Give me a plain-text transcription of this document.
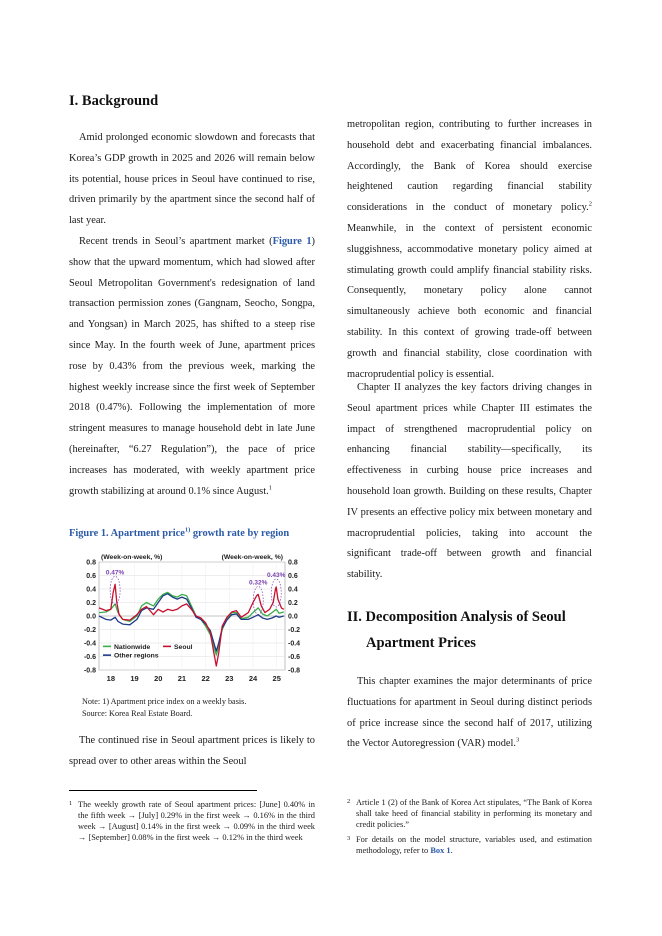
I. Background

Amid prolonged economic slowdown and forecasts that Korea’s GDP growth in 2025 and 2026 will remain below its potential, house prices in Seoul have continued to rise, driven primarily by the apartment since the second half of last year.

Recent trends in Seoul’s apartment market (Figure 1) show that the upward momentum, which had slowed after Seoul Metropolitan Government's redesignation of land transaction permission zones (Gangnam, Seocho, Songpa, and Yongsan) in March 2025, has shifted to a steep rise since May. In the fourth week of June, apartment prices rose by 0.43% from the previous week, marking the highest weekly increase since the first week of September 2018 (0.47%). Following the implementation of more stringent measures to manage household debt in late June (hereinafter, “6.27 Regulation”), the pace of price increases has moderated, with weekly apartment price growth stabilizing at around 0.1% since August.$^1$

Figure 1. Apartment price$^{1)}$ growth rate by region

0.8	0.8
0.6	0.6
0.4	0.4
0.2	0.2
0.0	0.0
-0.2	-0.2
-0.4	-0.4
-0.6	-0.6
-0.8	-0.8
18 19 20 21 22 23 24 25
(Week-on-week, %)	(Week-on-week, %)
0.47%
0.32%
0.43%
Nationwide	Seoul
Other regions

Note: 1) Apartment price index on a weekly basis.

Source: Korea Real Estate Board.

The continued rise in Seoul apartment prices is likely to spread over to other areas within the Seoul

1 The weekly growth rate of Seoul apartment prices: [June] 0.40% in the fifth week → [July] 0.29% in the first week → 0.16% in the third week → [August] 0.14% in the first week → 0.09% in the third week → [September] 0.08% in the first week → 0.12% in the third week

metropolitan region, contributing to further increases in household debt and exacerbating financial imbalances. Accordingly, the Bank of Korea should exercise heightened caution regarding financial stability considerations in the conduct of monetary policy.$^2$ Meanwhile, in the context of persistent economic sluggishness, accommodative monetary policy aimed at stimulating growth could amplify financial stability risks. Consequently, monetary policy alone cannot simultaneously achieve both economic and financial stability. In this context of growing trade-off between growth and financial stability, close coordination with macroprudential policy is essential.

Chapter II analyzes the key factors driving changes in Seoul apartment prices while Chapter III estimates the impact of strengthened macroprudential policy on enhancing financial stability—specifically, its effectiveness in curbing house price increases and household loan growth. Building on these results, Chapter IV presents an effective policy mix between monetary and macroprudential policies, taking into account the significant trade-off between growth and financial stability.

II. Decomposition Analysis of Seoul
Apartment Prices

This chapter examines the major determinants of price fluctuations for apartment in Seoul during distinct periods of price increase since the second half of 2017, utilizing the Vector Autoregression (VAR) model.$^3$

2 Article 1 (2) of the Bank of Korea Act stipulates, “The Bank of Korea shall take heed of financial stability in performing its monetary and credit policies.”

3 For details on the model structure, variables used, and estimation methodology, refer to Box 1.
